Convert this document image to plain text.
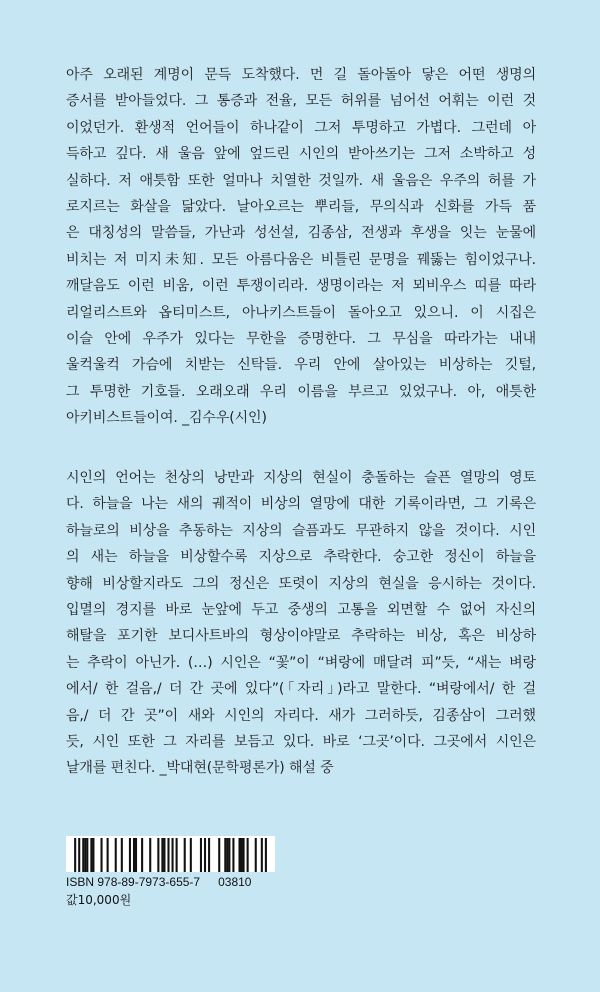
아주 오래된 계명이 문득 도착했다. 먼 길 돌아돌아 닿은 어떤 생명의
증서를 받아들었다. 그 통증과 전율, 모든 허위를 넘어선 어휘는 이런 것
이었던가. 환생적 언어들이 하나같이 그저 투명하고 가볍다. 그런데 아
득하고 깊다. 새 울음 앞에 엎드린 시인의 받아쓰기는 그저 소박하고 성
실하다. 저 애틋함 또한 얼마나 치열한 것일까. 새 울음은 우주의 허를 가
로지르는 화살을 닮았다. 날아오르는 뿌리들, 무의식과 신화를 가득 품
은 대칭성의 말씀들, 가난과 성선설, 김종삼, 전생과 후생을 잇는 눈물에
비치는 저 미지未知. 모든 아름다움은 비틀린 문명을 꿰뚫는 힘이었구나.
깨달음도 이런 비움, 이런 투쟁이리라. 생명이라는 저 뫼비우스 띠를 따라
리얼리스트와 옵티미스트, 아나키스트들이 돌아오고 있으니. 이 시집은
이슬 안에 우주가 있다는 무한을 증명한다. 그 무심을 따라가는 내내
울컥울컥 가슴에 치받는 신탁들. 우리 안에 살아있는 비상하는 깃털,
그 투명한 기호들. 오래오래 우리 이름을 부르고 있었구나. 아, 애틋한
아키비스트들이여. _김수우(시인)
시인의 언어는 천상의 낭만과 지상의 현실이 충돌하는 슬픈 열망의 영토
다. 하늘을 나는 새의 궤적이 비상의 열망에 대한 기록이라면, 그 기록은
하늘로의 비상을 추동하는 지상의 슬픔과도 무관하지 않을 것이다. 시인
의 새는 하늘을 비상할수록 지상으로 추락한다. 숭고한 정신이 하늘을
향해 비상할지라도 그의 정신은 또렷이 지상의 현실을 응시하는 것이다.
입멸의 경지를 바로 눈앞에 두고 중생의 고통을 외면할 수 없어 자신의
해탈을 포기한 보디사트바의 형상이야말로 추락하는 비상, 혹은 비상하
는 추락이 아닌가. (…) 시인은 “꽃”이 “벼랑에 매달려 피”듯, “새는 벼랑
에서/ 한 걸음,/ 더 간 곳에 있다”(「자리」)라고 말한다. “벼랑에서/ 한 걸
음,/ 더 간 곳”이 새와 시인의 자리다. 새가 그러하듯, 김종삼이 그러했
듯, 시인 또한 그 자리를 보듬고 있다. 바로 ‘그곳’이다. 그곳에서 시인은
날개를 편친다. _박대현(문학평론가) 해설 중
ISBN 978-89-7973-655-7 03810
값10,000원
